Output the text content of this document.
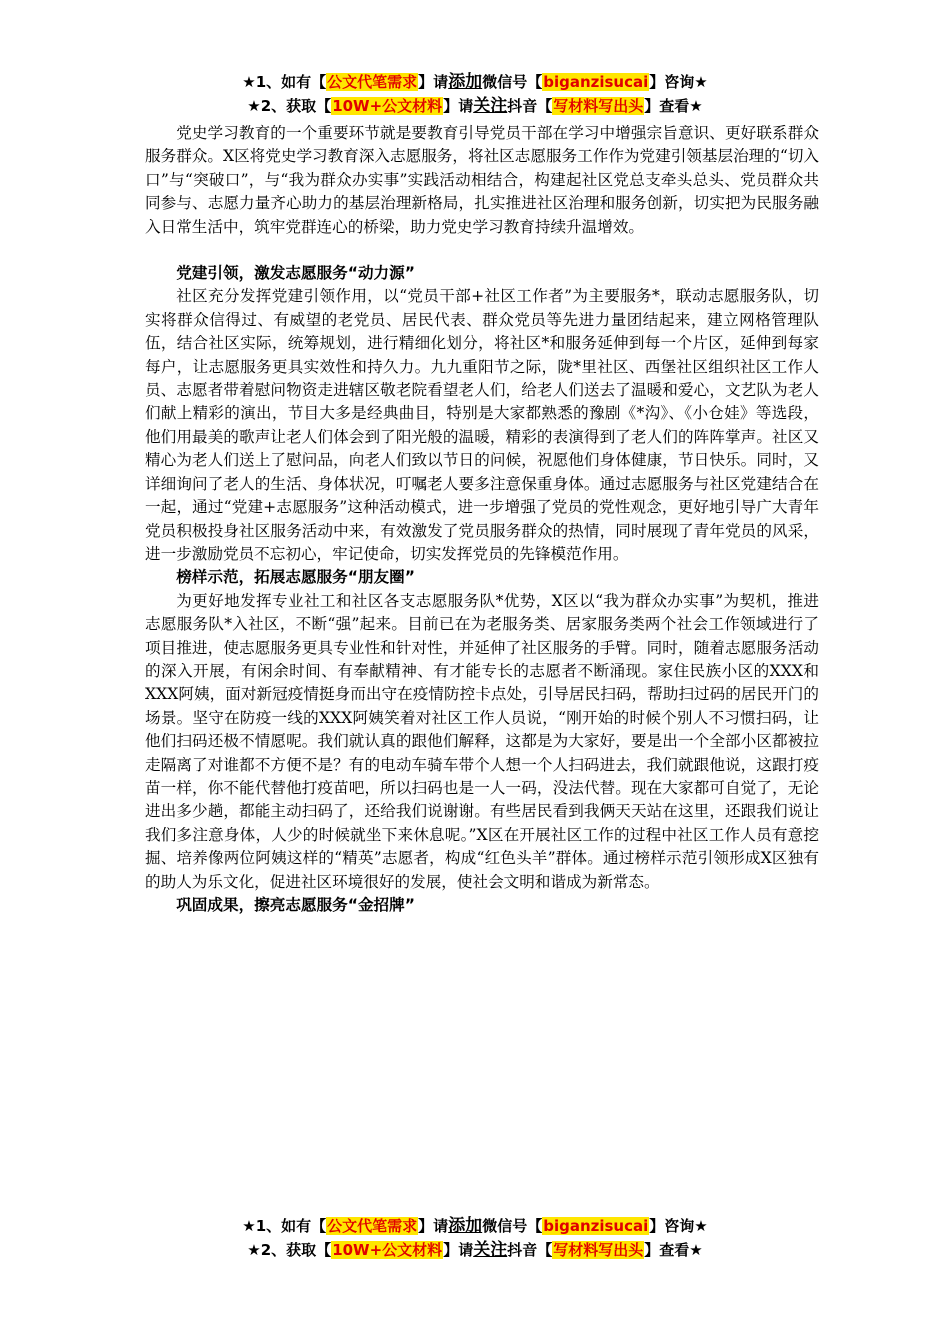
★1、如有【公文代笔需求】请添加微信号【biganzisucai】咨询★
★2、获取【10W+公文材料】请关注抖音【写材料写出头】查看★

党史学习教育的一个重要环节就是要教育引导党员干部在学习中增强宗旨意识、更好联系群众服务群众。X区将党史学习教育深入志愿服务，将社区志愿服务工作作为党建引领基层治理的“切入口”与“突破口”，与“我为群众办实事”实践活动相结合，构建起社区党总支牵头总头、党员群众共同参与、志愿力量齐心助力的基层治理新格局，扎实推进社区治理和服务创新，切实把为民服务融入日常生活中，筑牢党群连心的桥梁，助力党史学习教育持续升温增效。

党建引领，激发志愿服务“动力源”

社区充分发挥党建引领作用，以“党员干部+社区工作者”为主要服务*，联动志愿服务队，切实将群众信得过、有威望的老党员、居民代表、群众党员等先进力量团结起来，建立网格管理队伍，结合社区实际，统筹规划，进行精细化划分，将社区*和服务延伸到每一个片区，延伸到每家每户，让志愿服务更具实效性和持久力。九九重阳节之际，陇*里社区、西堡社区组织社区工作人员、志愿者带着慰问物资走进辖区敬老院看望老人们，给老人们送去了温暖和爱心，文艺队为老人们献上精彩的演出，节目大多是经典曲目，特别是大家都熟悉的豫剧《*沟》、《小仓娃》等选段，他们用最美的歌声让老人们体会到了阳光般的温暖，精彩的表演得到了老人们的阵阵掌声。社区又精心为老人们送上了慰问品，向老人们致以节日的问候，祝愿他们身体健康，节日快乐。同时，又详细询问了老人的生活、身体状况，叮嘱老人要多注意保重身体。通过志愿服务与社区党建结合在一起，通过“党建+志愿服务”这种活动模式，进一步增强了党员的党性观念，更好地引导广大青年党员积极投身社区服务活动中来，有效激发了党员服务群众的热情，同时展现了青年党员的风采，进一步激励党员不忘初心，牢记使命，切实发挥党员的先锋模范作用。

榜样示范，拓展志愿服务“朋友圈”

为更好地发挥专业社工和社区各支志愿服务队*优势，X区以“我为群众办实事”为契机，推进志愿服务队*入社区，不断“强”起来。目前已在为老服务类、居家服务类两个社会工作领域进行了项目推进，使志愿服务更具专业性和针对性，并延伸了社区服务的手臂。同时，随着志愿服务活动的深入开展，有闲余时间、有奉献精神、有才能专长的志愿者不断涌现。家住民族小区的XXX和XXX阿姨，面对新冠疫情挺身而出守在疫情防控卡点处，引导居民扫码，帮助扫过码的居民开门的场景。坚守在防疫一线的XXX阿姨笑着对社区工作人员说，“刚开始的时候个别人不习惯扫码，让他们扫码还极不情愿呢。我们就认真的跟他们解释，这都是为大家好，要是出一个全部小区都被拉走隔离了对谁都不方便不是？有的电动车骑车带个人想一个人扫码进去，我们就跟他说，这跟打疫苗一样，你不能代替他打疫苗吧，所以扫码也是一人一码，没法代替。现在大家都可自觉了，无论进出多少趟，都能主动扫码了，还给我们说谢谢。有些居民看到我俩天天站在这里，还跟我们说让我们多注意身体，人少的时候就坐下来休息呢。”X区在开展社区工作的过程中社区工作人员有意挖掘、培养像两位阿姨这样的“精英”志愿者，构成“红色头羊”群体。通过榜样示范引领形成X区独有的助人为乐文化，促进社区环境很好的发展，使社会文明和谐成为新常态。

巩固成果，擦亮志愿服务“金招牌”

★1、如有【公文代笔需求】请添加微信号【biganzisucai】咨询★
★2、获取【10W+公文材料】请关注抖音【写材料写出头】查看★
